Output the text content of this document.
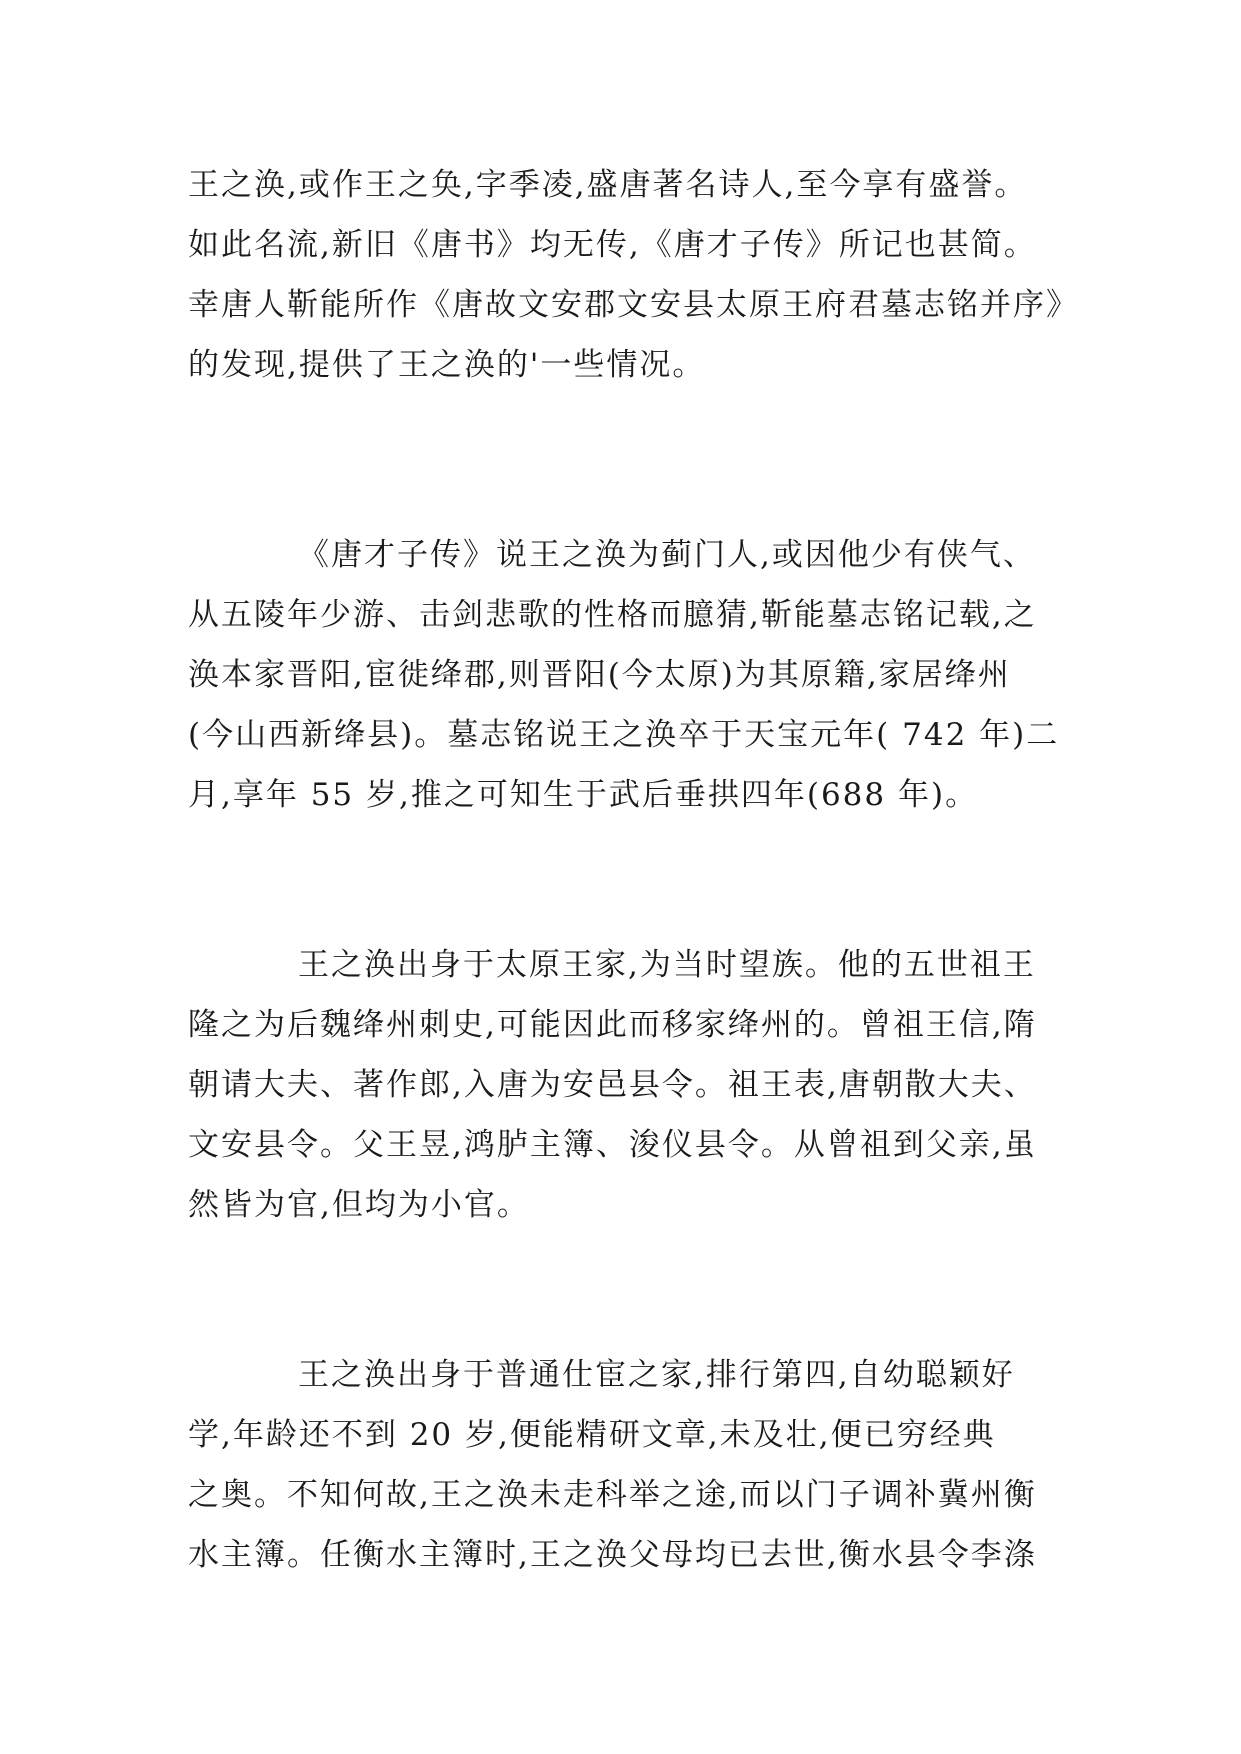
王之涣,或作王之奂,字季凌,盛唐著名诗人,至今享有盛誉。
如此名流,新旧《唐书》均无传,《唐才子传》所记也甚简。
幸唐人靳能所作《唐故文安郡文安县太原王府君墓志铭并序》
的发现,提供了王之涣的'一些情况。
《唐才子传》说王之涣为蓟门人,或因他少有侠气、
从五陵年少游、击剑悲歌的性格而臆猜,靳能墓志铭记载,之
涣本家晋阳,宦徙绛郡,则晋阳(今太原)为其原籍,家居绛州
(今山西新绛县)。墓志铭说王之涣卒于天宝元年( 742 年)二
月,享年 55 岁,推之可知生于武后垂拱四年(688 年)。
王之涣出身于太原王家,为当时望族。他的五世祖王
隆之为后魏绛州刺史,可能因此而移家绛州的。曾祖王信,隋
朝请大夫、著作郎,入唐为安邑县令。祖王表,唐朝散大夫、
文安县令。父王昱,鸿胪主簿、浚仪县令。从曾祖到父亲,虽
然皆为官,但均为小官。
王之涣出身于普通仕宦之家,排行第四,自幼聪颖好
学,年龄还不到 20 岁,便能精研文章,未及壮,便已穷经典
之奥。不知何故,王之涣未走科举之途,而以门子调补冀州衡
水主簿。任衡水主簿时,王之涣父母均已去世,衡水县令李涤
